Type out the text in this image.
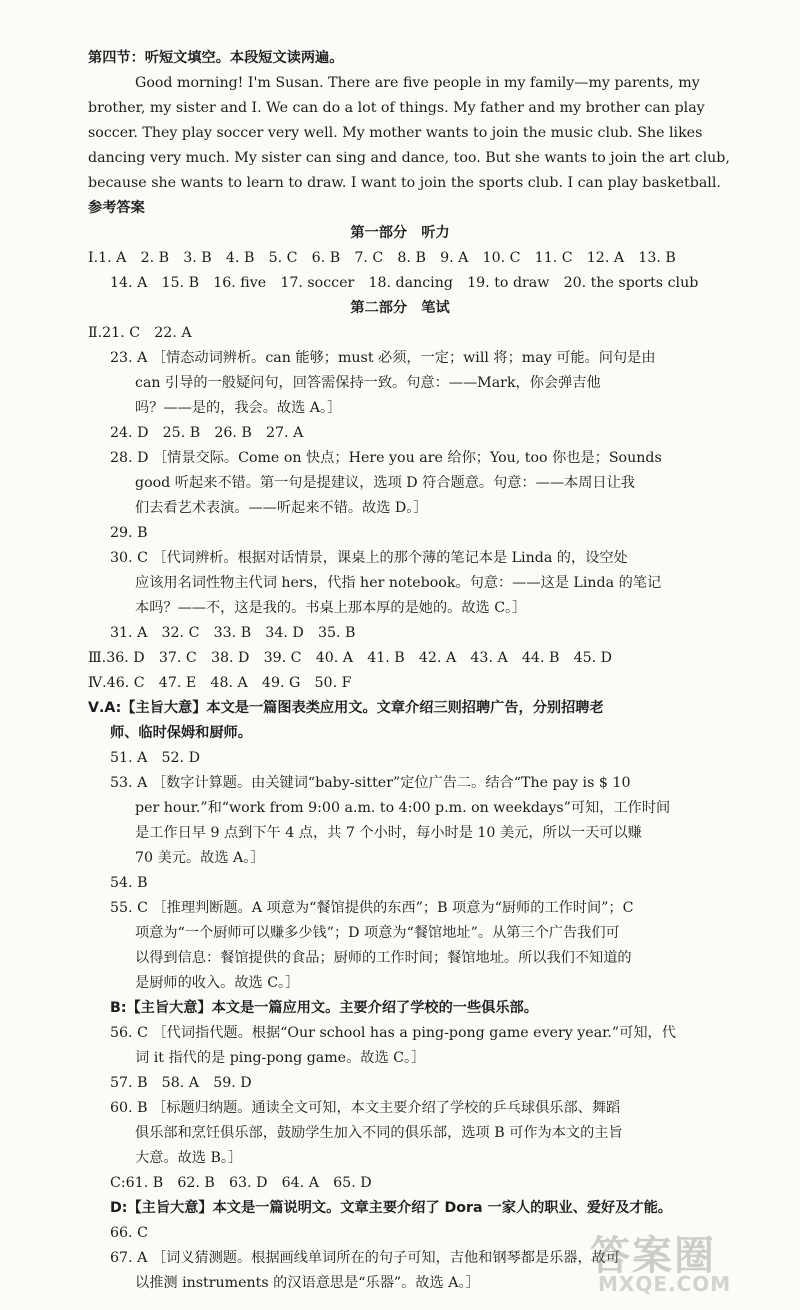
第四节：听短文填空。本段短文读两遍。
Good morning! I'm Susan. There are five people in my family—my parents, my
brother, my sister and I. We can do a lot of things. My father and my brother can play
soccer. They play soccer very well. My mother wants to join the music club. She likes
dancing very much. My sister can sing and dance, too. But she wants to join the art club,
because she wants to learn to draw. I want to join the sports club. I can play basketball.
参考答案
第一部分　听力
Ⅰ.1. A　2. B　3. B　4. B　5. C　6. B　7. C　8. B　9. A　10. C　11. C　12. A　13. B
14. A　15. B　16. five　17. soccer　18. dancing　19. to draw　20. the sports club
第二部分　笔试
Ⅱ.21. C　22. A
23. A ［情态动词辨析。can 能够；must 必须，一定；will 将；may 可能。问句是由
can 引导的一般疑问句，回答需保持一致。句意：——Mark，你会弹吉他
吗？——是的，我会。故选 A。］
24. D　25. B　26. B　27. A
28. D ［情景交际。Come on 快点；Here you are 给你；You, too 你也是；Sounds
good 听起来不错。第一句是提建议，选项 D 符合题意。句意：——本周日让我
们去看艺术表演。——听起来不错。故选 D。］
29. B
30. C ［代词辨析。根据对话情景，课桌上的那个薄的笔记本是 Linda 的，设空处
应该用名词性物主代词 hers，代指 her notebook。句意：——这是 Linda 的笔记
本吗？——不，这是我的。书桌上那本厚的是她的。故选 C。］
31. A　32. C　33. B　34. D　35. B
Ⅲ.36. D　37. C　38. D　39. C　40. A　41. B　42. A　43. A　44. B　45. D
Ⅳ.46. C　47. E　48. A　49. G　50. F
Ⅴ.A:【主旨大意】本文是一篇图表类应用文。文章介绍三则招聘广告，分别招聘老
师、临时保姆和厨师。
51. A　52. D
53. A ［数字计算题。由关键词“baby-sitter”定位广告二。结合“The pay is $ 10
per hour.”和“work from 9:00 a.m. to 4:00 p.m. on weekdays”可知，工作时间
是工作日早 9 点到下午 4 点，共 7 个小时，每小时是 10 美元，所以一天可以赚
70 美元。故选 A。］
54. B
55. C ［推理判断题。A 项意为“餐馆提供的东西”；B 项意为“厨师的工作时间”；C
项意为“一个厨师可以赚多少钱”；D 项意为“餐馆地址”。从第三个广告我们可
以得到信息：餐馆提供的食品；厨师的工作时间；餐馆地址。所以我们不知道的
是厨师的收入。故选 C。］
B:【主旨大意】本文是一篇应用文。主要介绍了学校的一些俱乐部。
56. C ［代词指代题。根据“Our school has a ping-pong game every year.”可知，代
词 it 指代的是 ping-pong game。故选 C。］
57. B　58. A　59. D
60. B ［标题归纳题。通读全文可知，本文主要介绍了学校的乒乓球俱乐部、舞蹈
俱乐部和烹饪俱乐部，鼓励学生加入不同的俱乐部，选项 B 可作为本文的主旨
大意。故选 B。］
C:61. B　62. B　63. D　64. A　65. D
D:【主旨大意】本文是一篇说明文。文章主要介绍了 Dora 一家人的职业、爱好及才能。
66. C
67. A ［词义猜测题。根据画线单词所在的句子可知，吉他和钢琴都是乐器，故可
以推测 instruments 的汉语意思是“乐器”。故选 A。］
答案圈
MXQE.COM
